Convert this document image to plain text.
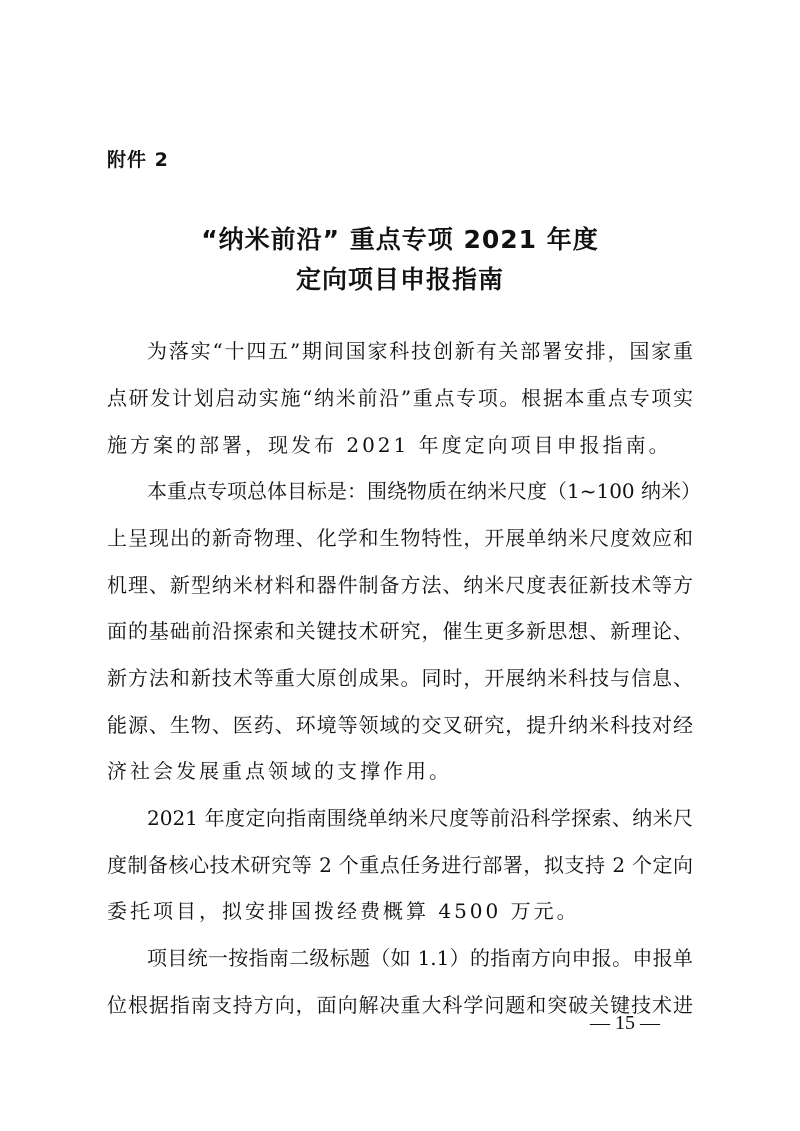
附件 2
“纳米前沿” 重点专项 2021 年度
定向项目申报指南
为落实“十四五”期间国家科技创新有关部署安排，国家重
点研发计划启动实施“纳米前沿”重点专项。根据本重点专项实
施方案的部署，现发布 2021 年度定向项目申报指南。
本重点专项总体目标是：围绕物质在纳米尺度（1~100 纳米）
上呈现出的新奇物理、化学和生物特性，开展单纳米尺度效应和
机理、新型纳米材料和器件制备方法、纳米尺度表征新技术等方
面的基础前沿探索和关键技术研究，催生更多新思想、新理论、
新方法和新技术等重大原创成果。同时，开展纳米科技与信息、
能源、生物、医药、环境等领域的交叉研究，提升纳米科技对经
济社会发展重点领域的支撑作用。
2021 年度定向指南围绕单纳米尺度等前沿科学探索、纳米尺
度制备核心技术研究等 2 个重点任务进行部署，拟支持 2 个定向
委托项目，拟安排国拨经费概算 4500 万元。
项目统一按指南二级标题（如 1.1）的指南方向申报。申报单
位根据指南支持方向，面向解决重大科学问题和突破关键技术进
— 15 —
